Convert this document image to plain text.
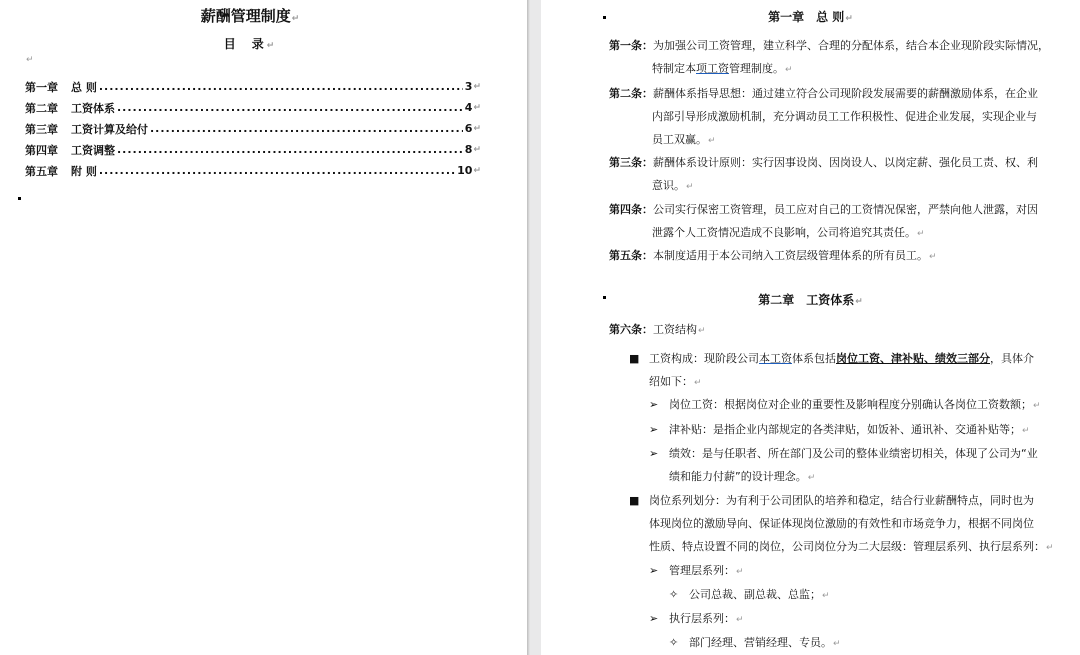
薪酬管理制度↵
目　录↵
↵
第一章	总 则 .....	3 ↵
第二章	工资体系 .....	4 ↵
第三章	工资计算及给付 .....	6 ↵
第四章	工资调整 .....	8 ↵
第五章	附 则 .....	10 ↵
第一章　总 则↵
第一条：为加强公司工资管理，建立科学、合理的分配体系，结合本企业现阶段实际情况，
特制定本项工资管理制度。↵
第二条：薪酬体系指导思想：通过建立符合公司现阶段发展需要的薪酬激励体系，在企业
内部引导形成激励机制，充分调动员工工作积极性、促进企业发展，实现企业与
员工双赢。↵
第三条：薪酬体系设计原则：实行因事设岗、因岗设人、以岗定薪、强化员工责、权、利
意识。↵
第四条：公司实行保密工资管理，员工应对自己的工资情况保密，严禁向他人泄露，对因
泄露个人工资情况造成不良影响，公司将追究其责任。↵
第五条：本制度适用于本公司纳入工资层级管理体系的所有员工。↵
第二章　工资体系↵
第六条：工资结构↵
■ 工资构成：现阶段公司本工资体系包括岗位工资、津补贴、绩效三部分，具体介
绍如下：↵
➢ 岗位工资：根据岗位对企业的重要性及影响程度分别确认各岗位工资数额；↵
➢ 津补贴：是指企业内部规定的各类津贴，如饭补、通讯补、交通补贴等；↵
➢ 绩效：是与任职者、所在部门及公司的整体业绩密切相关，体现了公司为“业
绩和能力付薪”的设计理念。↵
■ 岗位系列划分：为有利于公司团队的培养和稳定，结合行业薪酬特点，同时也为
体现岗位的激励导向、保证体现岗位激励的有效性和市场竞争力，根据不同岗位
性质、特点设置不同的岗位，公司岗位分为二大层级：管理层系列、执行层系列：↵
➢ 管理层系列：↵
✧ 公司总裁、副总裁、总监；↵
➢ 执行层系列：↵
✧ 部门经理、营销经理、专员。↵
